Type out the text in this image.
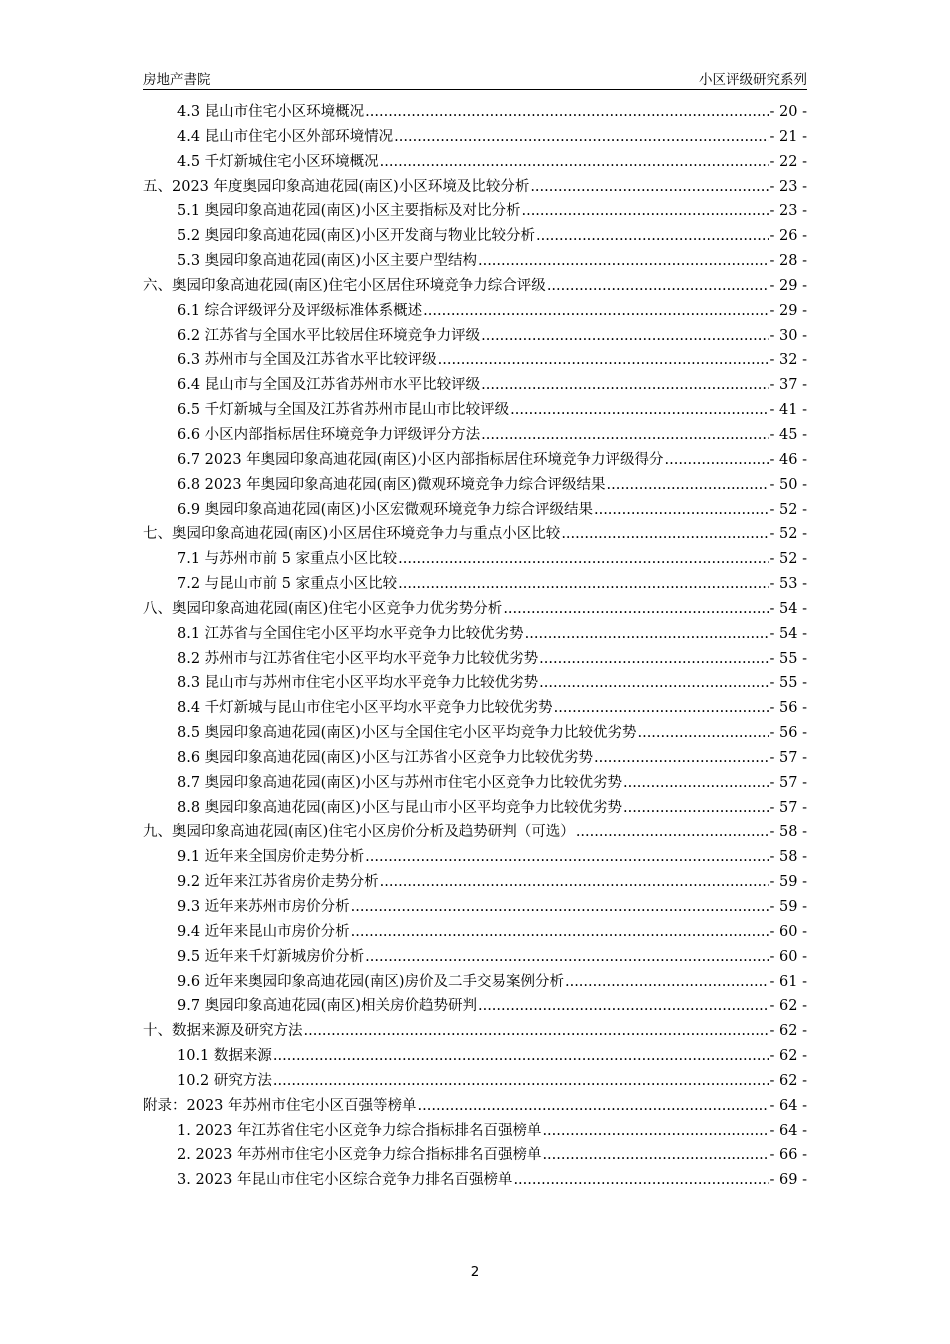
房地产書院	小区评级研究系列
4.3 昆山市住宅小区环境概况 .....	- 20 -
4.4 昆山市住宅小区外部环境情况 .....	- 21 -
4.5 千灯新城住宅小区环境概况 .....	- 22 -
五、2023 年度奥园印象高迪花园(南区)小区环境及比较分析 .....	- 23 -
5.1 奥园印象高迪花园(南区)小区主要指标及对比分析 .....	- 23 -
5.2 奥园印象高迪花园(南区)小区开发商与物业比较分析 .....	- 26 -
5.3 奥园印象高迪花园(南区)小区主要户型结构 .....	- 28 -
六、奥园印象高迪花园(南区)住宅小区居住环境竞争力综合评级 .....	- 29 -
6.1 综合评级评分及评级标准体系概述 .....	- 29 -
6.2 江苏省与全国水平比较居住环境竞争力评级 .....	- 30 -
6.3 苏州市与全国及江苏省水平比较评级 .....	- 32 -
6.4 昆山市与全国及江苏省苏州市水平比较评级 .....	- 37 -
6.5 千灯新城与全国及江苏省苏州市昆山市比较评级 .....	- 41 -
6.6 小区内部指标居住环境竞争力评级评分方法 .....	- 45 -
6.7 2023 年奥园印象高迪花园(南区)小区内部指标居住环境竞争力评级得分 .....	- 46 -
6.8 2023 年奥园印象高迪花园(南区)微观环境竞争力综合评级结果 .....	- 50 -
6.9 奥园印象高迪花园(南区)小区宏微观环境竞争力综合评级结果 .....	- 52 -
七、奥园印象高迪花园(南区)小区居住环境竞争力与重点小区比较 .....	- 52 -
7.1 与苏州市前 5 家重点小区比较 .....	- 52 -
7.2 与昆山市前 5 家重点小区比较 .....	- 53 -
八、奥园印象高迪花园(南区)住宅小区竞争力优劣势分析 .....	- 54 -
8.1 江苏省与全国住宅小区平均水平竞争力比较优劣势 .....	- 54 -
8.2 苏州市与江苏省住宅小区平均水平竞争力比较优劣势 .....	- 55 -
8.3 昆山市与苏州市住宅小区平均水平竞争力比较优劣势 .....	- 55 -
8.4 千灯新城与昆山市住宅小区平均水平竞争力比较优劣势 .....	- 56 -
8.5 奥园印象高迪花园(南区)小区与全国住宅小区平均竞争力比较优劣势 .....	- 56 -
8.6 奥园印象高迪花园(南区)小区与江苏省小区竞争力比较优劣势 .....	- 57 -
8.7 奥园印象高迪花园(南区)小区与苏州市住宅小区竞争力比较优劣势 .....	- 57 -
8.8 奥园印象高迪花园(南区)小区与昆山市小区平均竞争力比较优劣势 .....	- 57 -
九、奥园印象高迪花园(南区)住宅小区房价分析及趋势研判（可选） .....	- 58 -
9.1 近年来全国房价走势分析 .....	- 58 -
9.2 近年来江苏省房价走势分析 .....	- 59 -
9.3 近年来苏州市房价分析 .....	- 59 -
9.4 近年来昆山市房价分析 .....	- 60 -
9.5 近年来千灯新城房价分析 .....	- 60 -
9.6 近年来奥园印象高迪花园(南区)房价及二手交易案例分析 .....	- 61 -
9.7 奥园印象高迪花园(南区)相关房价趋势研判 .....	- 62 -
十、数据来源及研究方法 .....	- 62 -
10.1 数据来源 .....	- 62 -
10.2 研究方法 .....	- 62 -
附录：2023 年苏州市住宅小区百强等榜单 .....	- 64 -
1. 2023 年江苏省住宅小区竞争力综合指标排名百强榜单 .....	- 64 -
2. 2023 年苏州市住宅小区竞争力综合指标排名百强榜单 .....	- 66 -
3. 2023 年昆山市住宅小区综合竞争力排名百强榜单 .....	- 69 -
2
